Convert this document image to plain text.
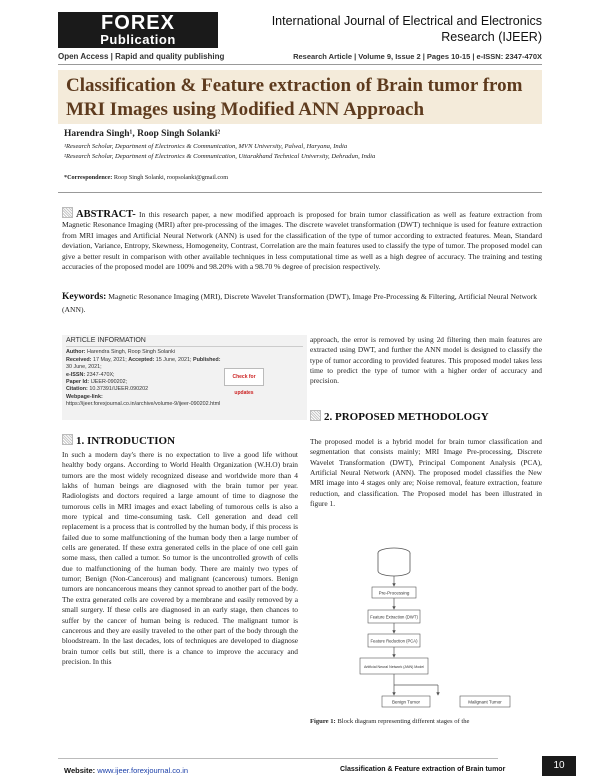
FOREX
Publication
Open Access | Rapid and quality publishing
International Journal of Electrical and Electronics Research (IJEER)
Research Article | Volume 9, Issue 2 | Pages 10-15 | e-ISSN: 2347-470X
Classification & Feature extraction of Brain tumor from MRI Images using Modified ANN Approach
Harendra Singh¹, Roop Singh Solanki²
¹Research Scholar, Department of Electronics & Communication, MVN University, Palwal, Haryana, India
²Research Scholar, Department of Electronics & Communication, Uttarakhand Technical University, Dehradun, India
*Correspondence: Roop Singh Solanki, roopsolanki@gmail.com
ABSTRACT- In this research paper, a new modified approach is proposed for brain tumor classification as well as feature extraction from Magnetic Resonance Imaging (MRI) after pre-processing of the images. The discrete wavelet transformation (DWT) technique is used for feature extraction from MRI images and Artificial Neural Network (ANN) is used for the classification of the type of tumor according to extracted features. Mean, Standard deviation, Variance, Entropy, Skewness, Homogeneity, Contrast, Correlation are the main features used to classify the type of tumor. The proposed model can give a better result in comparison with other available techniques in less computational time as well as a high degree of accuracy. The training and testing accuracies of the proposed model are 100% and 98.20% with a 98.70 % degree of precision respectively.
Keywords: Magnetic Resonance Imaging (MRI), Discrete Wavelet Transformation (DWT), Image Pre-Processing & Filtering, Artificial Neural Network (ANN).
ARTICLE INFORMATION
Author: Harendra Singh, Roop Singh Solanki
Received: 17 May, 2021; Accepted: 15 June, 2021; Published: 30 June, 2021;
e-ISSN: 2347-470X;
Paper Id: IJEER-090202;
Citation: 10.37391/IJEER.090202
Webpage-link:
https://ijeer.forexjournal.co.in/archive/volume-9/ijeer-090202.html
Check for updates
1. INTRODUCTION
In such a modern day's there is no expectation to live a good life without healthy body organs. According to World Health Organization (W.H.O) brain tumors are the most widely recognized disease and worldwide more than 4 lakhs of human beings are diagnosed with the brain tumor per year. Radiologists and doctors required a large amount of time to diagnose the tumorous cells in MRI images and exact labeling of tumorous cells is also a more typical and time-consuming task. Cell generation and dead cell replacement is a process that is controlled by the human body, if this process is failed due to some malfunctioning of the human body then a large number of cells are generated. If these extra generated cells in the place of one cell gain some mass, then called a tumor. So tumor is the uncontrolled growth of cells due to malfunctioning of the human body. There are mainly two types of tumor; Benign (Non-Cancerous) and malignant (cancerous) tumors. Benign tumors are noncancerous means they cannot spread to another part of the body. The extra generated cells are covered by a membrane and easily removed by a small surgery. If these cells are diagnosed in an early stage, then chances to suffer by the cancer of human being is reduced. The malignant tumor is cancerous and they are easily traveled to the other part of the body through the bloodstream. In the last decades, lots of techniques are developed to diagnose brain tumor cells but still, there is a chance to improve the accuracy and precision. In this
approach, the error is removed by using 2d filtering then main features are extracted using DWT, and further the ANN model is designed to classify the type of tumor according to provided features. This proposed model takes less time to predict the type of tumor with a higher order of accuracy and precision.
2. PROPOSED METHODOLOGY
The proposed model is a hybrid model for brain tumor classification and segmentation that consists mainly; MRI Image Pre-processing, Discrete Wavelet Transformation (DWT), Principal Component Analysis (PCA), Artificial Neural Network (ANN). The proposed model classifies the New MRI image into 4 stages only are; Noise removal, feature extraction, feature reduction, and classification. The Proposed model has been illustrated in figure 1.
Pre-Processing
Feature Extraction (DWT)
Feature Reduction (PCA)
Artificial Neural Network (ANN) Model
Benign Tumor	Malignant Tumor
Figure 1: Block diagram representing different stages of the
Website: www.ijeer.forexjournal.co.in	Classification & Feature extraction of Brain tumor	10
